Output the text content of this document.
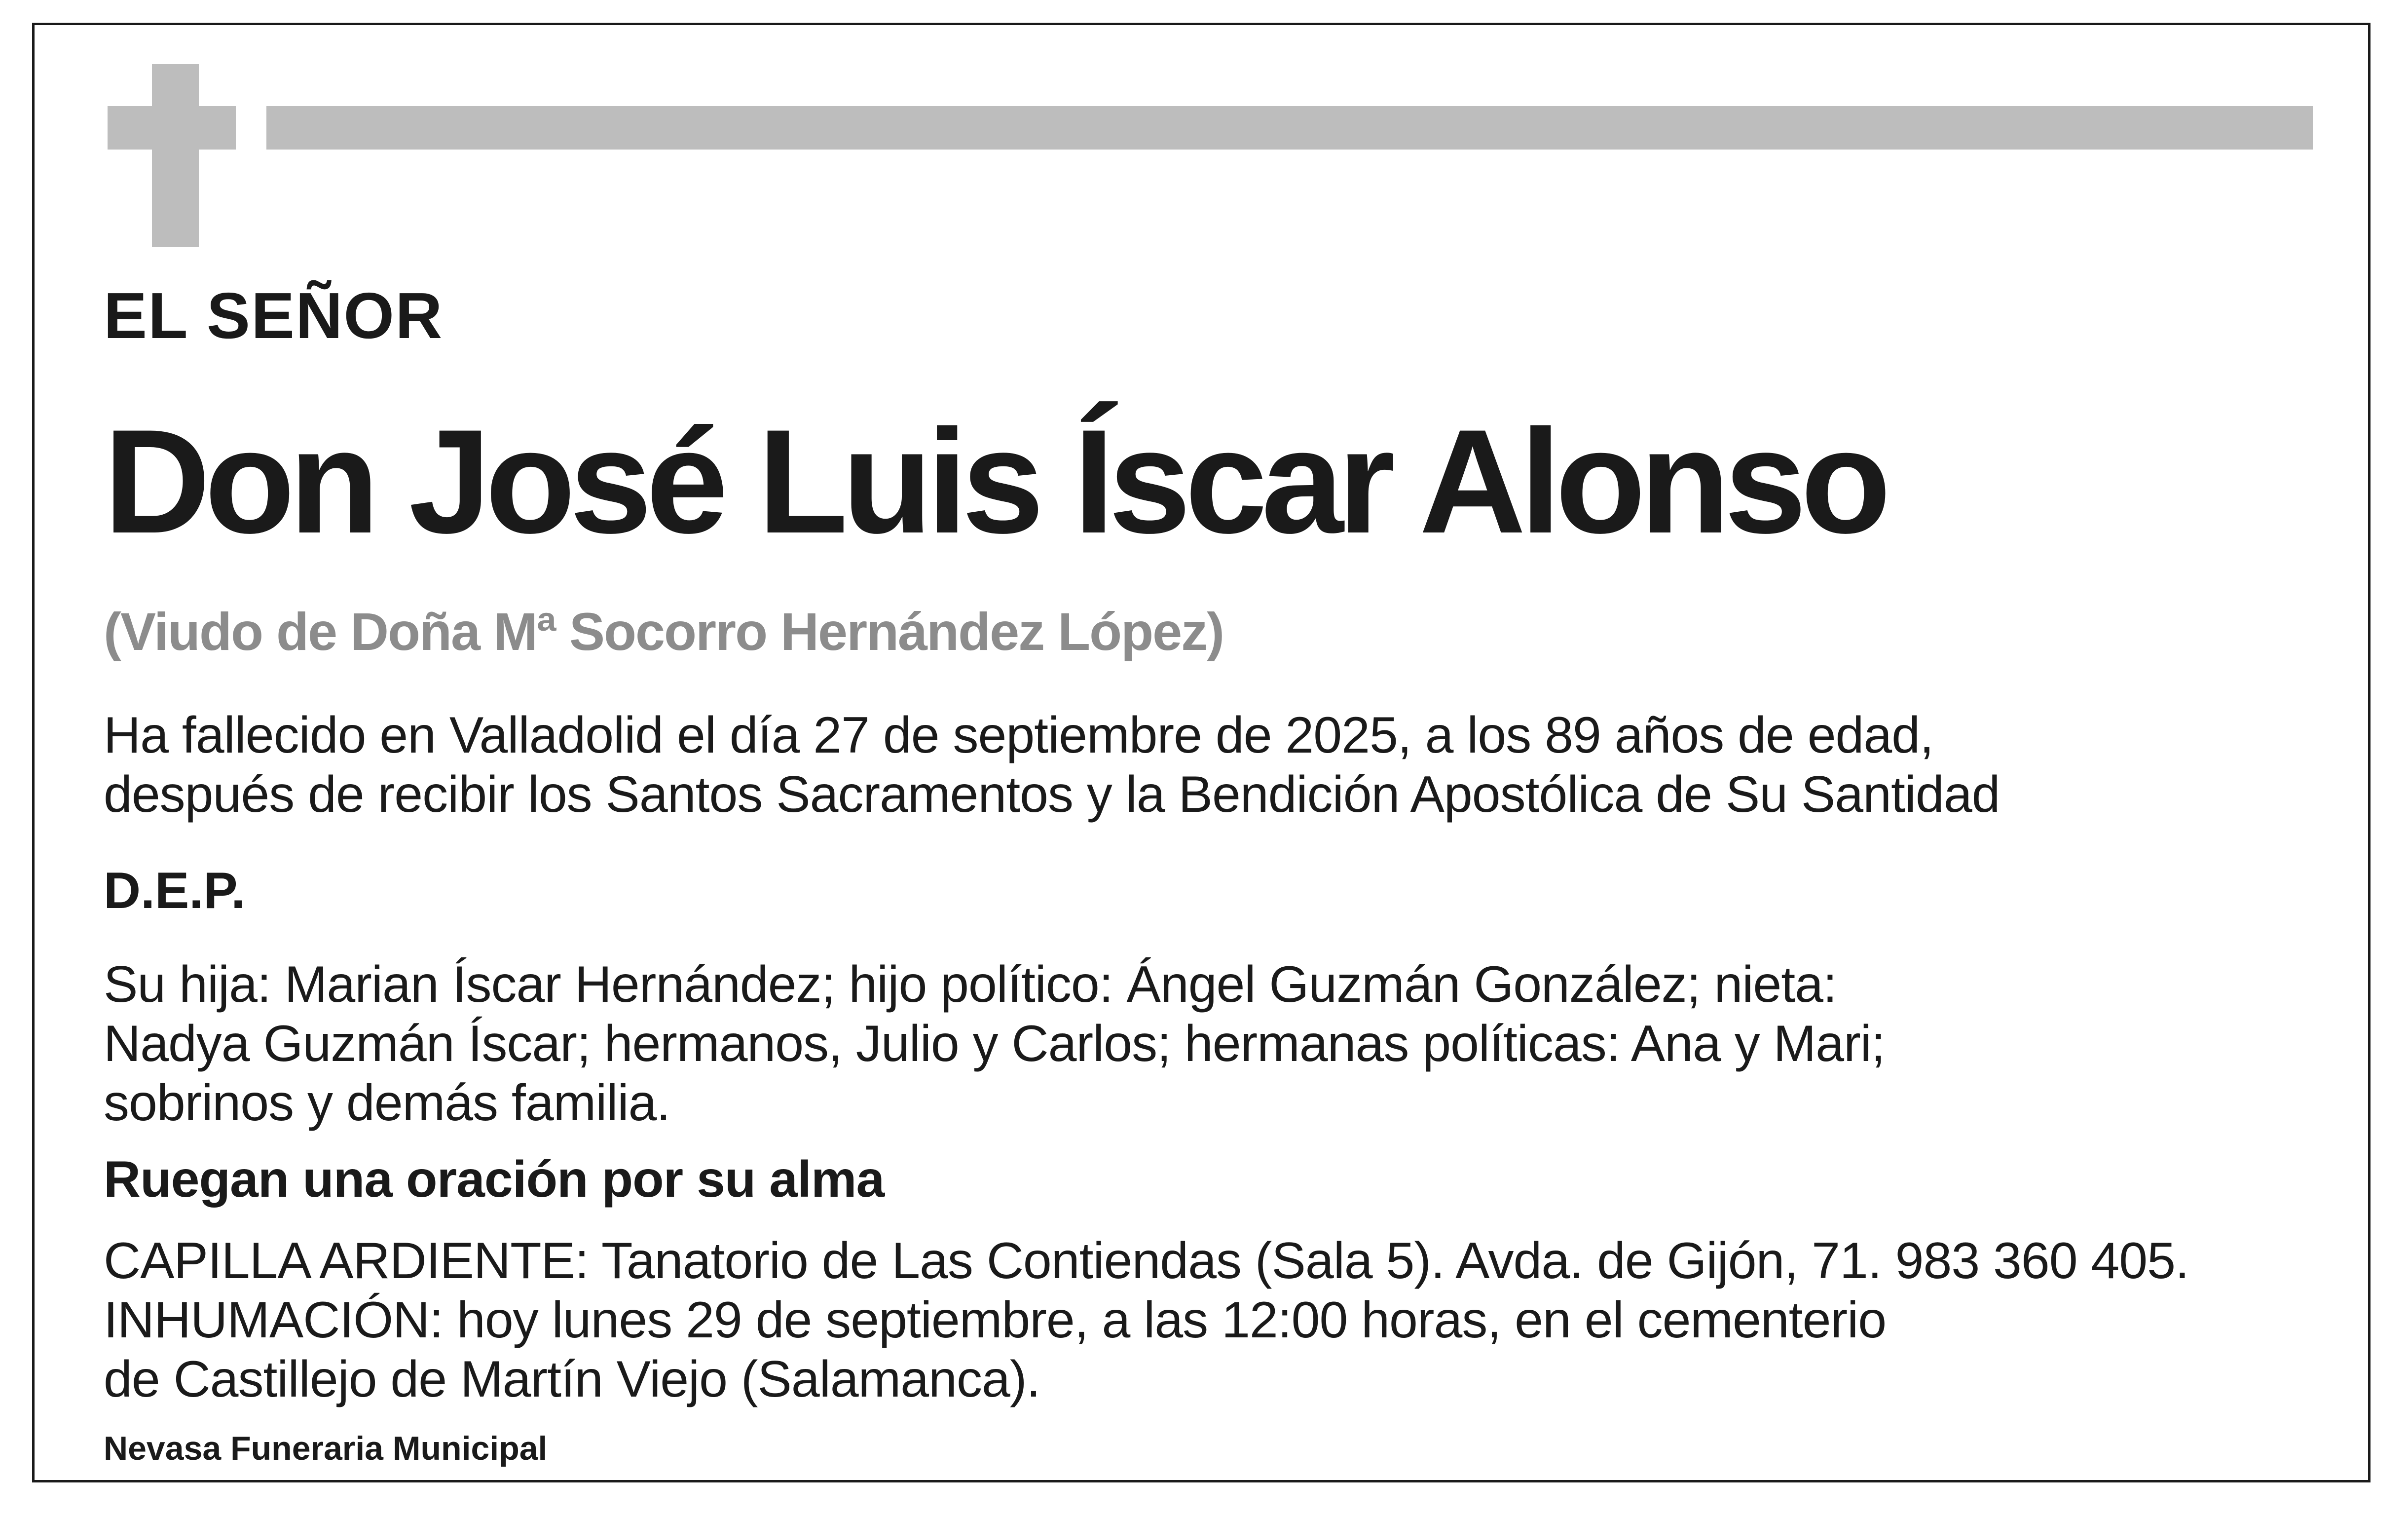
EL SEÑOR

Don José Luis Íscar Alonso

(Viudo de Doña Mª Socorro Hernández López)

Ha fallecido en Valladolid el día 27 de septiembre de 2025, a los 89 años de edad,

después de recibir los Santos Sacramentos y la Bendición Apostólica de Su Santidad

D.E.P.

Su hija: Marian Íscar Hernández; hijo político: Ángel Guzmán González; nieta:

Nadya Guzmán Íscar; hermanos, Julio y Carlos; hermanas políticas: Ana y Mari;

sobrinos y demás familia.

Ruegan una oración por su alma

CAPILLA ARDIENTE: Tanatorio de Las Contiendas (Sala 5). Avda. de Gijón, 71. 983 360 405.

INHUMACIÓN: hoy lunes 29 de septiembre, a las 12:00 horas, en el cementerio

de Castillejo de Martín Viejo (Salamanca).

Nevasa Funeraria Municipal
